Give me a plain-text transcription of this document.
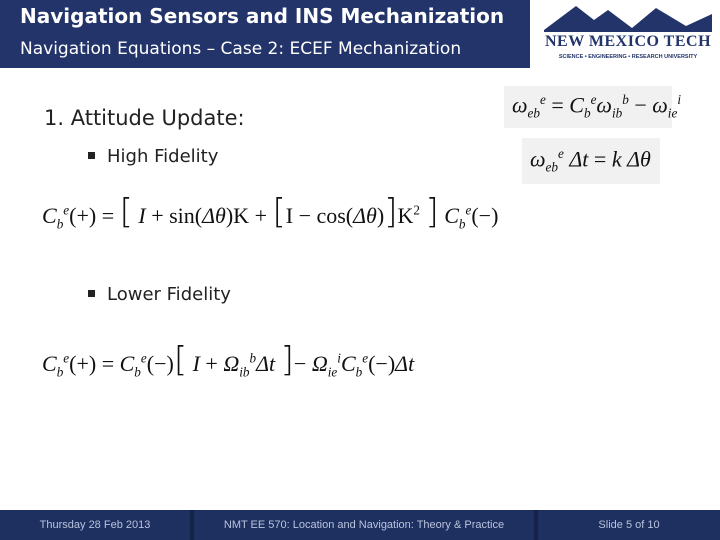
Navigation Sensors and INS Mechanization
Navigation Equations – Case 2: ECEF Mechanization	NEW MEXICO TECH
SCIENCE • ENGINEERING • RESEARCH UNIVERSITY
1. Attitude Update:
High Fidelity
Lower Fidelity
$\omega_{eb}^e = C_b^e\omega_{ib}^b - \omega_{ie}^i$
$\omega_{eb}^e$ Δt = k Δθ
$C_b^e(+)$ = [ $I + \sin(\Delta\theta)K + [I - \cos(\Delta\theta)]K^2$ ] $C_b^e(-)$
$C_b^e(+) = C_b^e(-)$[ $I + \Omega_{ib}^b\Delta t$ ]− $\Omega_{ie}^iC_b^e(-)\Delta t$
Thursday 28 Feb 2013	NMT EE 570: Location and Navigation: Theory & Practice	Slide 5 of 10
